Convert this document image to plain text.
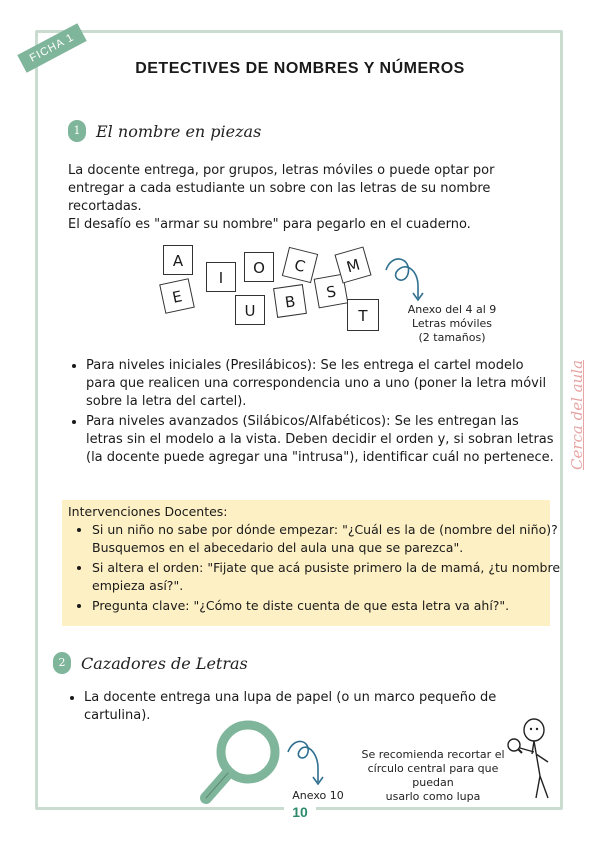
FICHA 1
DETECTIVES DE NOMBRES Y NÚMEROS
1 El nombre en piezas
La docente entrega, por grupos, letras móviles o puede optar por entregar a cada estudiante un sobre con las letras de su nombre recortadas.
El desafío es "armar su nombre" para pegarlo en el cuaderno.
A
E
I
O
U
C
B
S
M
T	Anexo del 4 al 9
Letras móviles
(2 tamaños)
• Para niveles iniciales (Presilábicos): Se les entrega el cartel modelo para que realicen una correspondencia uno a uno (poner la letra móvil sobre la letra del cartel).
• Para niveles avanzados (Silábicos/Alfabéticos): Se les entregan las letras sin el modelo a la vista. Deben decidir el orden y, si sobran letras (la docente puede agregar una "intrusa"), identificar cuál no pertenece.
Intervenciones Docentes:
• Si un niño no sabe por dónde empezar: "¿Cuál es la de (nombre del niño)? Busquemos en el abecedario del aula una que se parezca".
• Si altera el orden: "Fijate que acá pusiste primero la de mamá, ¿tu nombre empieza así?".
• Pregunta clave: "¿Cómo te diste cuenta de que esta letra va ahí?".
2 Cazadores de Letras
• La docente entrega una lupa de papel (o un marco pequeño de cartulina).
Anexo 10
Se recomienda recortar el
círculo central para que puedan
usarlo como lupa
Cerca del aula
10
